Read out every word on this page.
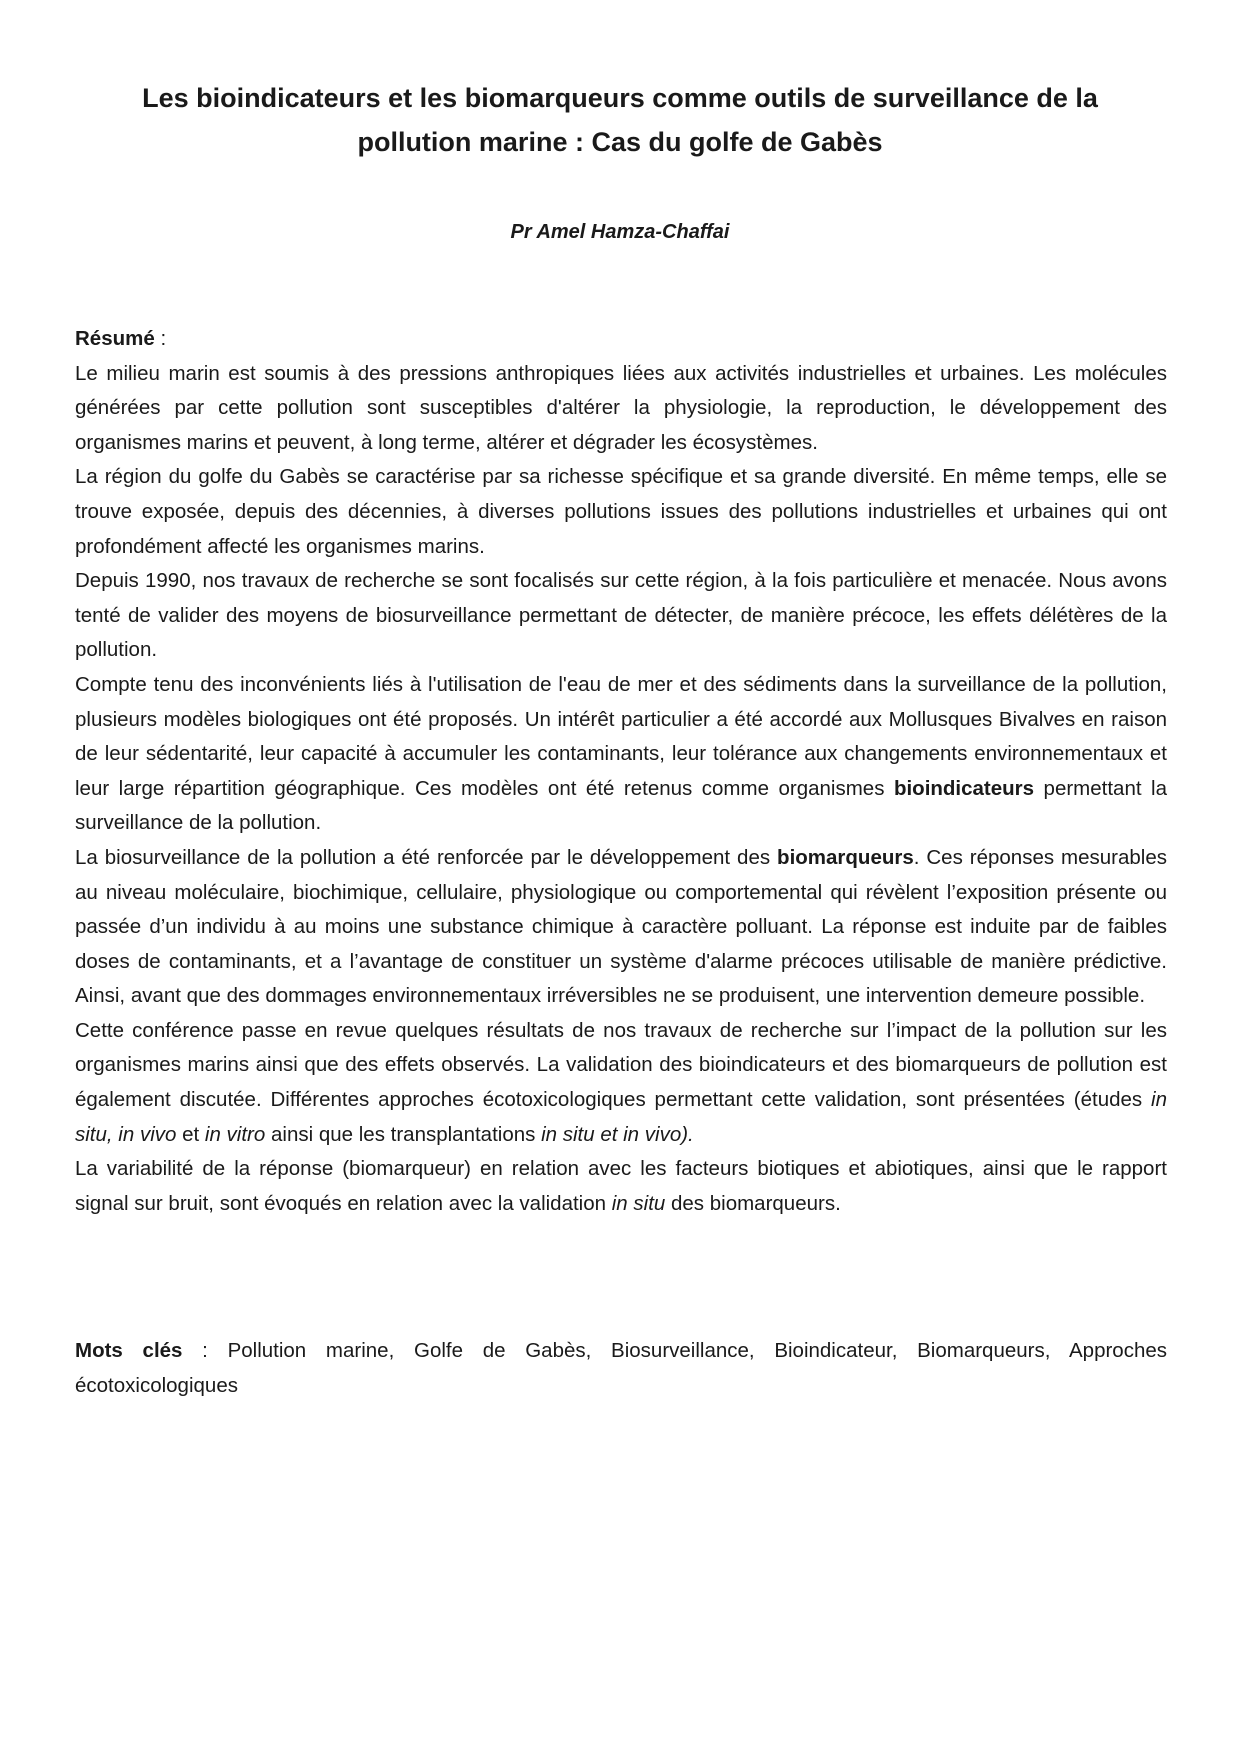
Les bioindicateurs et les biomarqueurs comme outils de surveillance de la
pollution marine : Cas du golfe de Gabès

Pr Amel Hamza-Chaffai

Résumé :

Le milieu marin est soumis à des pressions anthropiques liées aux activités industrielles et urbaines. Les molécules générées par cette pollution sont susceptibles d'altérer la physiologie, la reproduction, le développement des organismes marins et peuvent, à long terme, altérer et dégrader les écosystèmes.

La région du golfe du Gabès se caractérise par sa richesse spécifique et sa grande diversité. En même temps, elle se trouve exposée, depuis des décennies, à diverses pollutions issues des pollutions industrielles et urbaines qui ont profondément affecté les organismes marins.

Depuis 1990, nos travaux de recherche se sont focalisés sur cette région, à la fois particulière et menacée. Nous avons tenté de valider des moyens de biosurveillance permettant de détecter, de manière précoce, les effets délétères de la pollution.

Compte tenu des inconvénients liés à l'utilisation de l'eau de mer et des sédiments dans la surveillance de la pollution, plusieurs modèles biologiques ont été proposés. Un intérêt particulier a été accordé aux Mollusques Bivalves en raison de leur sédentarité, leur capacité à accumuler les contaminants, leur tolérance aux changements environnementaux et leur large répartition géographique. Ces modèles ont été retenus comme organismes bioindicateurs permettant la surveillance de la pollution.

La biosurveillance de la pollution a été renforcée par le développement des biomarqueurs. Ces réponses mesurables au niveau moléculaire, biochimique, cellulaire, physiologique ou comportemental qui révèlent l’exposition présente ou passée d’un individu à au moins une substance chimique à caractère polluant. La réponse est induite par de faibles doses de contaminants, et a l’avantage de constituer un système d'alarme précoces utilisable de manière prédictive. Ainsi, avant que des dommages environnementaux irréversibles ne se produisent, une intervention demeure possible.

Cette conférence passe en revue quelques résultats de nos travaux de recherche sur l’impact de la pollution sur les organismes marins ainsi que des effets observés. La validation des bioindicateurs et des biomarqueurs de pollution est également discutée. Différentes approches écotoxicologiques permettant cette validation, sont présentées (études in situ, in vivo et in vitro ainsi que les transplantations in situ et in vivo).

La variabilité de la réponse (biomarqueur) en relation avec les facteurs biotiques et abiotiques, ainsi que le rapport signal sur bruit, sont évoqués en relation avec la validation in situ des biomarqueurs.

Mots clés : Pollution marine, Golfe de Gabès, Biosurveillance, Bioindicateur, Biomarqueurs, Approches écotoxicologiques
